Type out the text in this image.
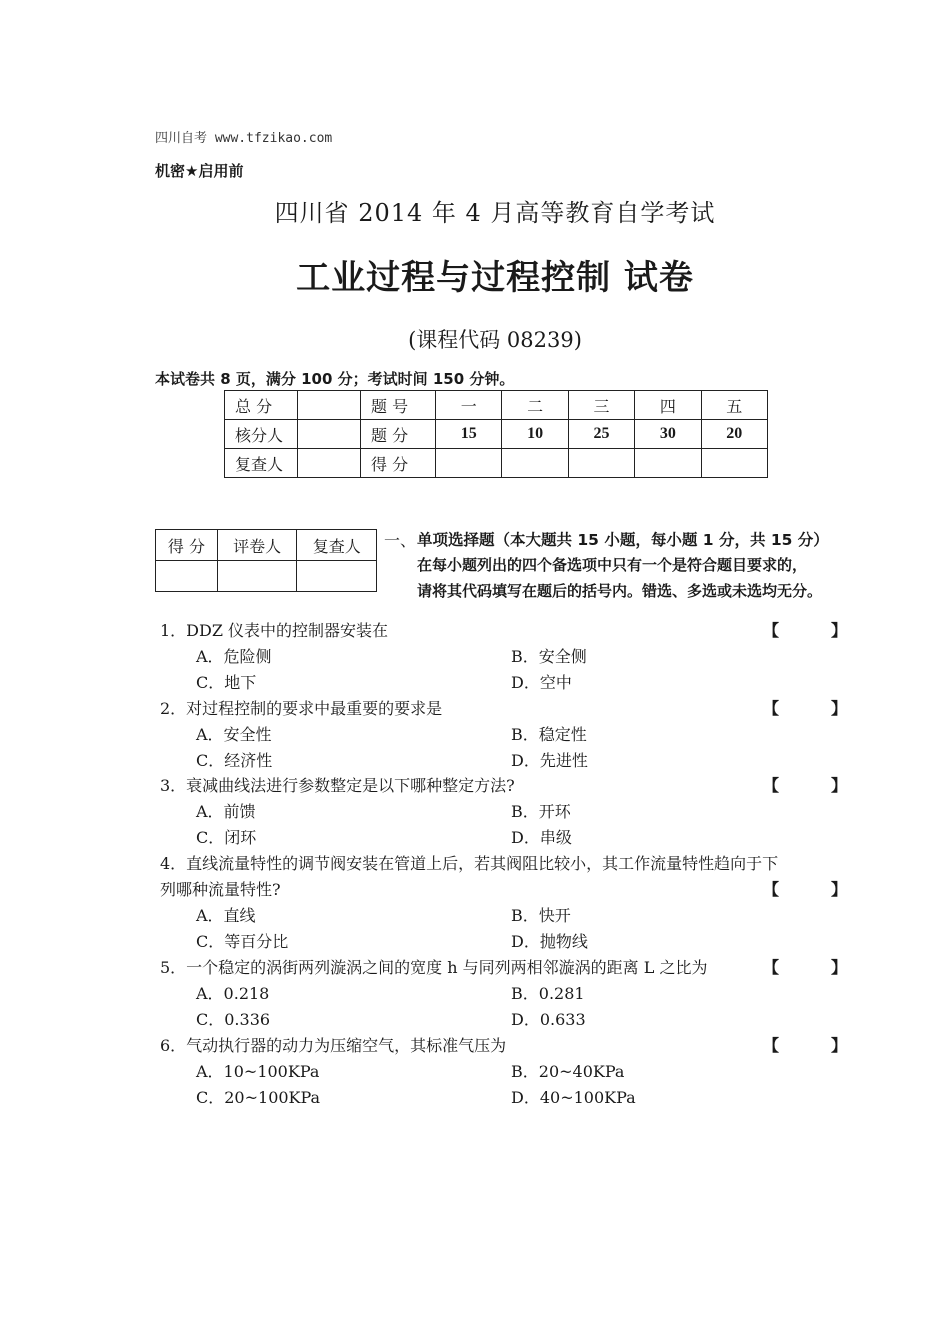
四川自考 www.tfzikao.com
机密★启用前
四川省 2014 年 4 月高等教育自学考试
工业过程与过程控制 试卷
(课程代码 08239)
本试卷共 8 页，满分 100 分；考试时间 150 分钟。
总 分		题 号	一	二	三	四	五
核分人		题 分	15	10	25	30	20
复查人		得 分					
得 分	评卷人	复查人
		一、 单项选择题（本大题共 15 小题，每小题 1 分，共 15 分）
在每小题列出的四个备选项中只有一个是符合题目要求的，
请将其代码填写在题后的括号内。错选、多选或未选均无分。
1．DDZ 仪表中的控制器安装在	【	】
A．危险侧	B．安全侧
C．地下	D．空中
2．对过程控制的要求中最重要的要求是	【	】
A．安全性	B．稳定性
C．经济性	D．先进性
3．衰减曲线法进行参数整定是以下哪种整定方法?	【	】
A．前馈	B．开环
C．闭环	D．串级
4．直线流量特性的调节阀安装在管道上后，若其阀阻比较小，其工作流量特性趋向于下
列哪种流量特性?	【	】
A．直线	B．快开
C．等百分比	D．抛物线
5．一个稳定的涡街两列漩涡之间的宽度 h 与同列两相邻漩涡的距离 L 之比为	【	】
A．0.218	B．0.281
C．0.336	D．0.633
6．气动执行器的动力为压缩空气，其标准气压为	【	】
A．10~100KPa	B．20~40KPa
C．20~100KPa	D．40~100KPa
